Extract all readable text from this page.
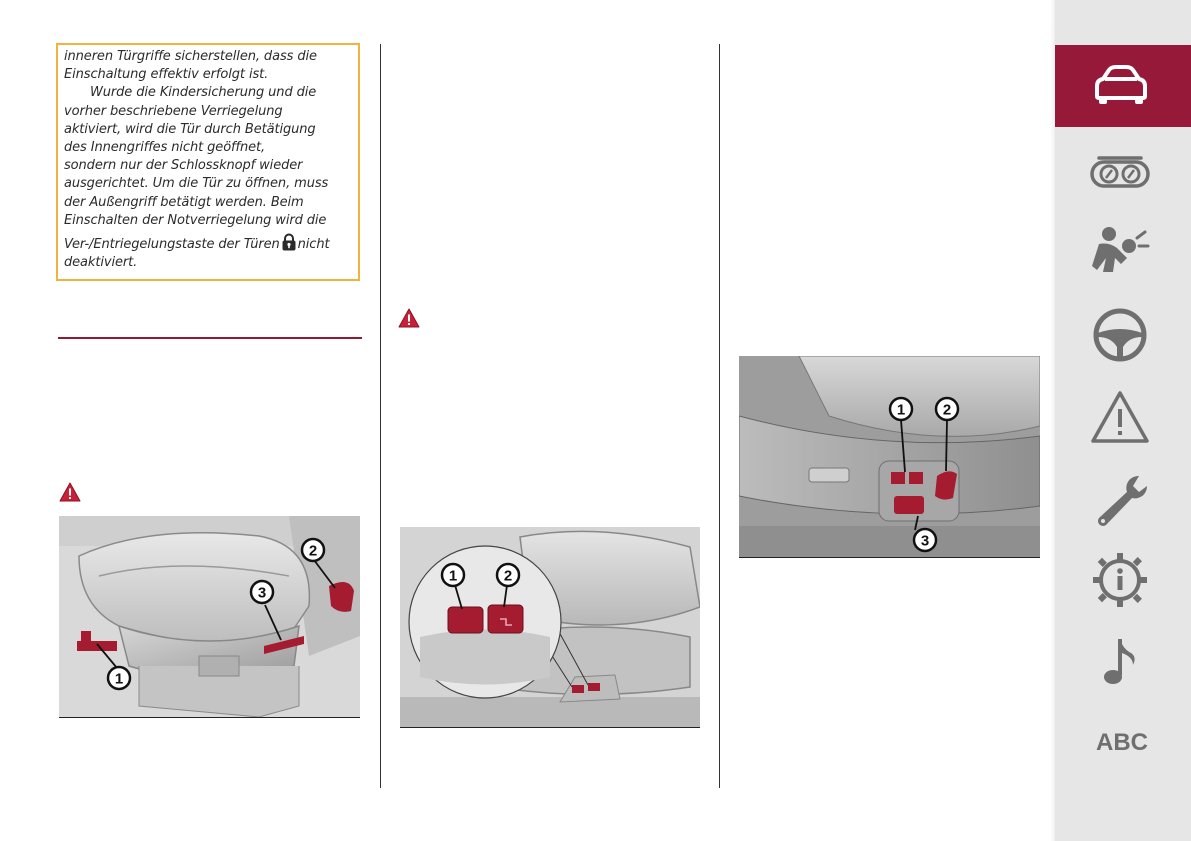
inneren Türgriffe sicherstellen, dass die
Einschaltung effektiv erfolgt ist.
Wurde die Kindersicherung und die
vorher beschriebene Verriegelung
aktiviert, wird die Tür durch Betätigung
des Innengriffes nicht geöffnet,
sondern nur der Schlossknopf wieder
ausgerichtet. Um die Tür zu öffnen, muss
der Außengriff betätigt werden. Beim
Einschalten der Notverriegelung wird die
Ver-/Entriegelungstaste der Türen nicht
deaktiviert.

1
2
3
1	2
1	2
3
ABC
